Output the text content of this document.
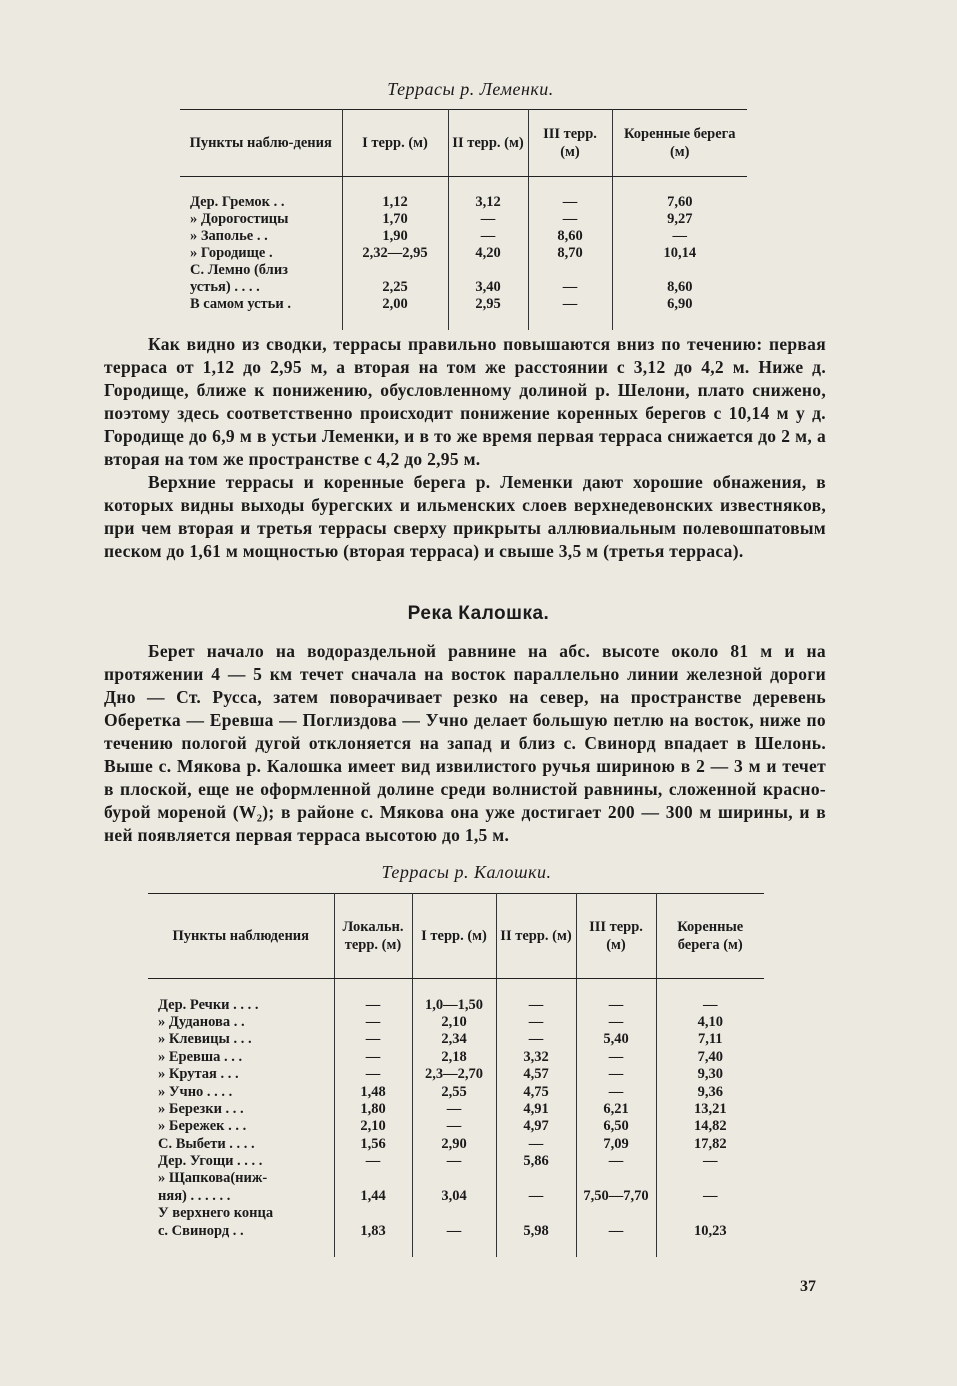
Террасы р. Леменки.
Пункты наблю-дения	I терр. (м)	II терр. (м)	III терр. (м)	Коренные берега (м)

Дер. Гремок . .	1,12	3,12	—	7,60
» Дорогостицы	1,70	—	—	9,27
» Заполье . .	1,90	—	8,60	—
» Городище .	2,32—2,95	4,20	8,70	10,14
С. Лемно (близ				
устья) . . . .	2,25	3,40	—	8,60
В самом устьи .	2,00	2,95	—	6,90

Как видно из сводки, террасы правильно повышаются вниз по течению: первая терраса от 1,12 до 2,95 м, а вторая на том же расстоянии с 3,12 до 4,2 м. Ниже д. Городище, ближе к понижению, обусловленному долиной р. Шелони, плато снижено, поэтому здесь соответственно происходит понижение коренных берегов с 10,14 м у д. Городище до 6,9 м в устьи Леменки, и в то же время первая терраса снижается до 2 м, а вторая на том же пространстве с 4,2 до 2,95 м.

Верхние террасы и коренные берега р. Леменки дают хорошие обнажения, в которых видны выходы бурегских и ильменских слоев верхнедевонских известняков, при чем вторая и третья террасы сверху прикрыты аллювиальным полевошпатовым песком до 1,61 м мощностью (вторая терраса) и свыше 3,5 м (третья терраса).

Река Калошка.

Берет начало на водораздельной равнине на абс. высоте около 81 м и на протяжении 4 — 5 км течет сначала на восток параллельно линии железной дороги Дно — Ст. Русса, затем поворачивает резко на север, на пространстве деревень Оберетка — Еревша — Поглиздова — Учно делает большую петлю на восток, ниже по течению пологой дугой отклоняется на запад и близ с. Свинорд впадает в Шелонь. Выше с. Мякова р. Калошка имеет вид извилистого ручья шириною в 2 — 3 м и течет в плоской, еще не оформленной долине среди волнистой равнины, сложенной красно-бурой мореной (W₂); в районе с. Мякова она уже достигает 200 — 300 м ширины, и в ней появляется первая терраса высотою до 1,5 м.

Террасы р. Калошки.
Пункты наблюдения	Локальн. терр. (м)	I терр. (м)	II терр. (м)	III терр. (м)	Коренные берега (м)

Дер. Речки . . . .	—	1,0—1,50	—	—	—
» Дуданова . .	—	2,10	—	—	4,10
» Клевицы . . .	—	2,34	—	5,40	7,11
» Еревша . . .	—	2,18	3,32	—	7,40
» Крутая . . .	—	2,3—2,70	4,57	—	9,30
» Учно . . . .	1,48	2,55	4,75	—	9,36
» Березки . . .	1,80	—	4,91	6,21	13,21
» Бережек . . .	2,10	—	4,97	6,50	14,82
С. Выбети . . . .	1,56	2,90	—	7,09	17,82
Дер. Угощи . . . .	—	—	5,86	—	—
» Щапкова(ниж-					
няя) . . . . . .	1,44	3,04	—	7,50—7,70	—
У верхнего конца					
с. Свинорд . .	1,83	—	5,98	—	10,23

37
